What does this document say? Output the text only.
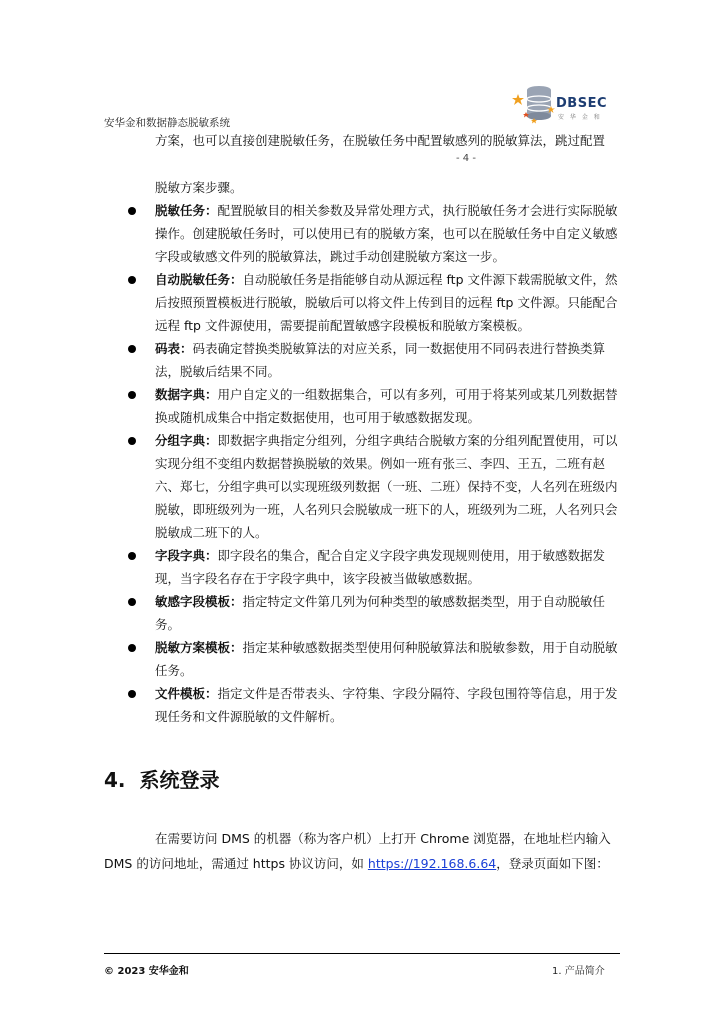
安华金和数据静态脱敏系统
DBSEC
安 华 金 和
方案，也可以直接创建脱敏任务，在脱敏任务中配置敏感列的脱敏算法，跳过配置
- 4 -
脱敏方案步骤。
脱敏任务：配置脱敏目的相关参数及异常处理方式，执行脱敏任务才会进行实际脱敏操作。创建脱敏任务时，可以使用已有的脱敏方案，也可以在脱敏任务中自定义敏感字段或敏感文件列的脱敏算法，跳过手动创建脱敏方案这一步。
自动脱敏任务：自动脱敏任务是指能够自动从源远程 ftp 文件源下载需脱敏文件，然后按照预置模板进行脱敏，脱敏后可以将文件上传到目的远程 ftp 文件源。只能配合远程 ftp 文件源使用，需要提前配置敏感字段模板和脱敏方案模板。
码表：码表确定替换类脱敏算法的对应关系，同一数据使用不同码表进行替换类算法，脱敏后结果不同。
数据字典：用户自定义的一组数据集合，可以有多列，可用于将某列或某几列数据替换或随机成集合中指定数据使用，也可用于敏感数据发现。
分组字典：即数据字典指定分组列，分组字典结合脱敏方案的分组列配置使用，可以实现分组不变组内数据替换脱敏的效果。例如一班有张三、李四、王五，二班有赵六、郑七，分组字典可以实现班级列数据（一班、二班）保持不变，人名列在班级内脱敏，即班级列为一班，人名列只会脱敏成一班下的人，班级列为二班，人名列只会脱敏成二班下的人。
字段字典：即字段名的集合，配合自定义字段字典发现规则使用，用于敏感数据发现，当字段名存在于字段字典中，该字段被当做敏感数据。
敏感字段模板：指定特定文件第几列为何种类型的敏感数据类型，用于自动脱敏任务。
脱敏方案模板：指定某种敏感数据类型使用何种脱敏算法和脱敏参数，用于自动脱敏任务。
文件模板：指定文件是否带表头、字符集、字段分隔符、字段包围符等信息，用于发现任务和文件源脱敏的文件解析。
4. 系统登录
在需要访问 DMS 的机器（称为客户机）上打开 Chrome 浏览器，在地址栏内输入 DMS 的访问地址，需通过 https 协议访问，如 https://192.168.6.64，登录页面如下图：
© 2023 安华金和	1. 产品简介
